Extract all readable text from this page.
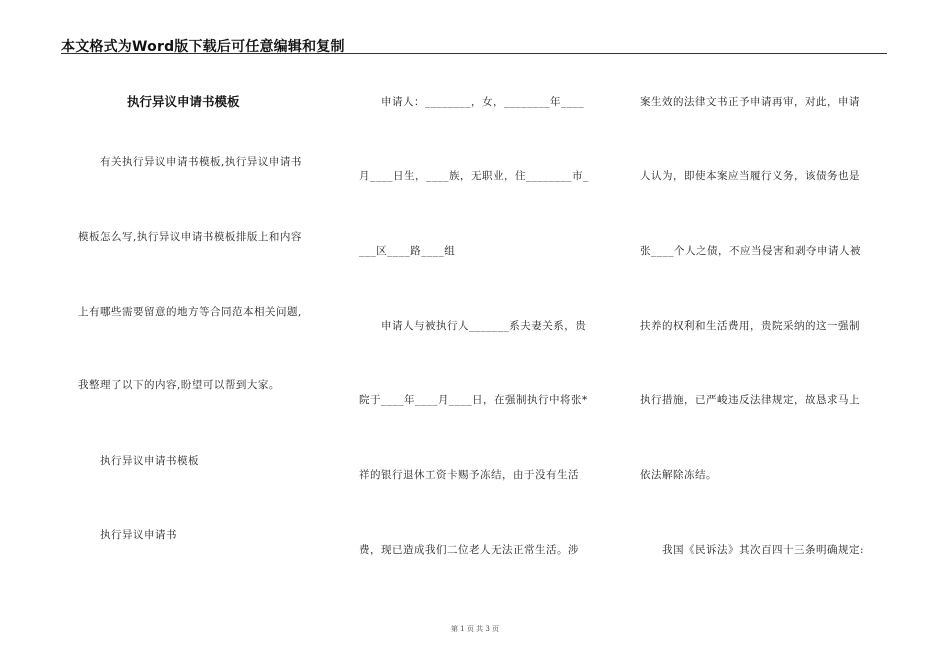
本文格式为Word版下载后可任意编辑和复制
执行异议申请书模板
有关执行异议申请书模板,执行异议申请书
模板怎么写,执行异议申请书模板排版上和内容
上有哪些需要留意的地方等合同范本相关问题,
我整理了以下的内容,盼望可以帮到大家。
执行异议申请书模板
执行异议申请书
申请人：________，女，________年____
月____日生，____族，无职业，住________市_
___区____路____组
申请人与被执行人_______系夫妻关系，贵
院于____年____月____日，在强制执行中将张*
祥的银行退休工资卡赐予冻结，由于没有生活
费，现已造成我们二位老人无法正常生活。涉
案生效的法律文书正予申请再审，对此，申请
人认为，即使本案应当履行义务，该债务也是
张____个人之债，不应当侵害和剥夺申请人被
扶养的权利和生活费用，贵院采纳的这一强制
执行措施，已严峻违反法律规定，故恳求马上
依法解除冻结。
我国《民诉法》其次百四十三条明确规定:
第 1 页 共 3 页
